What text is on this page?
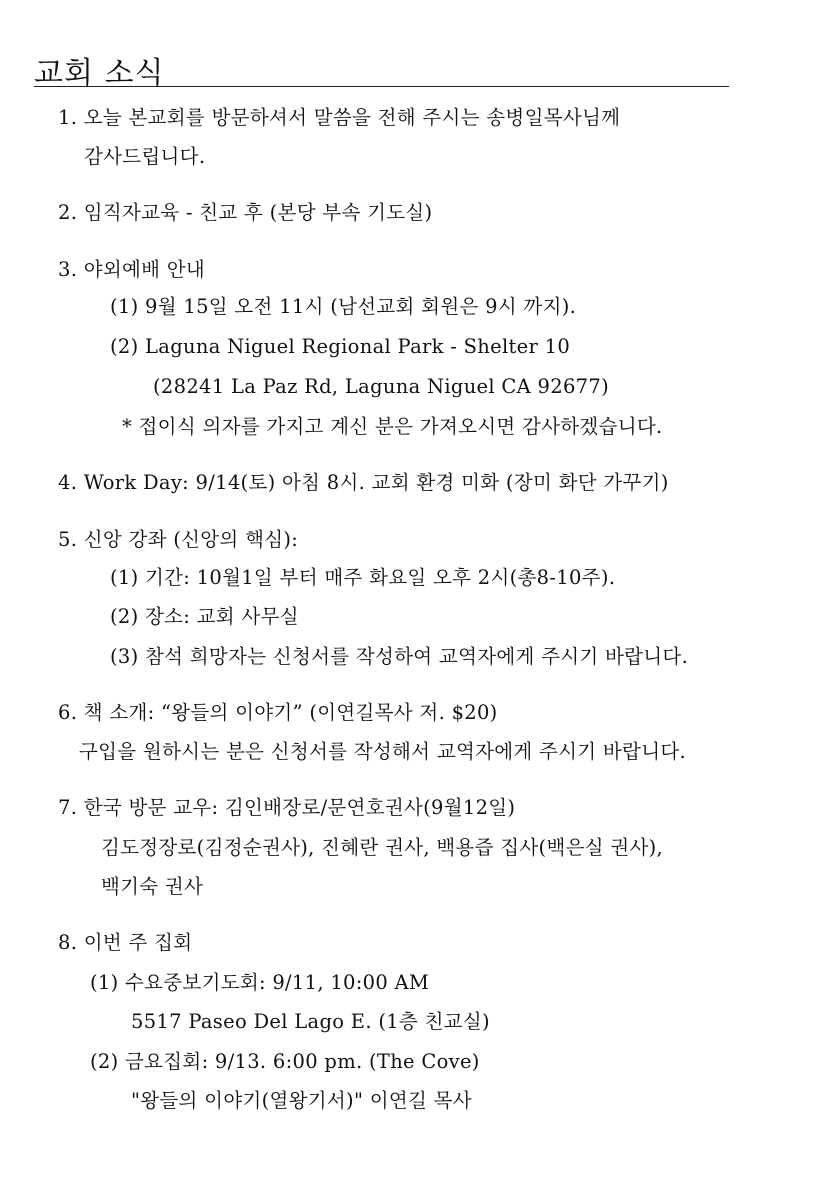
교회 소식
1. 오늘 본교회를 방문하셔서 말씀을 전해 주시는 송병일목사님께
감사드립니다.
2. 임직자교육 - 친교 후 (본당 부속 기도실)
3. 야외예배 안내
(1) 9월 15일 오전 11시 (남선교회 회원은 9시 까지).
(2) Laguna Niguel Regional Park - Shelter 10
(28241 La Paz Rd, Laguna Niguel CA 92677)
* 접이식 의자를 가지고 계신 분은 가져오시면 감사하겠습니다.
4. Work Day: 9/14(토) 아침 8시. 교회 환경 미화 (장미 화단 가꾸기)
5. 신앙 강좌 (신앙의 핵심):
(1) 기간: 10월1일 부터 매주 화요일 오후 2시(총8-10주).
(2) 장소: 교회 사무실
(3) 참석 희망자는 신청서를 작성하여 교역자에게 주시기 바랍니다.
6. 책 소개: “왕들의 이야기” (이연길목사 저. $20)
구입을 원하시는 분은 신청서를 작성해서 교역자에게 주시기 바랍니다.
7. 한국 방문 교우: 김인배장로/문연호권사(9월12일)
김도정장로(김정순권사), 진혜란 권사, 백용즙 집사(백은실 권사),
백기숙 권사
8. 이번 주 집회
(1) 수요중보기도회: 9/11, 10:00 AM
5517 Paseo Del Lago E. (1층 친교실)
(2) 금요집회: 9/13. 6:00 pm. (The Cove)
"왕들의 이야기(열왕기서)" 이연길 목사
